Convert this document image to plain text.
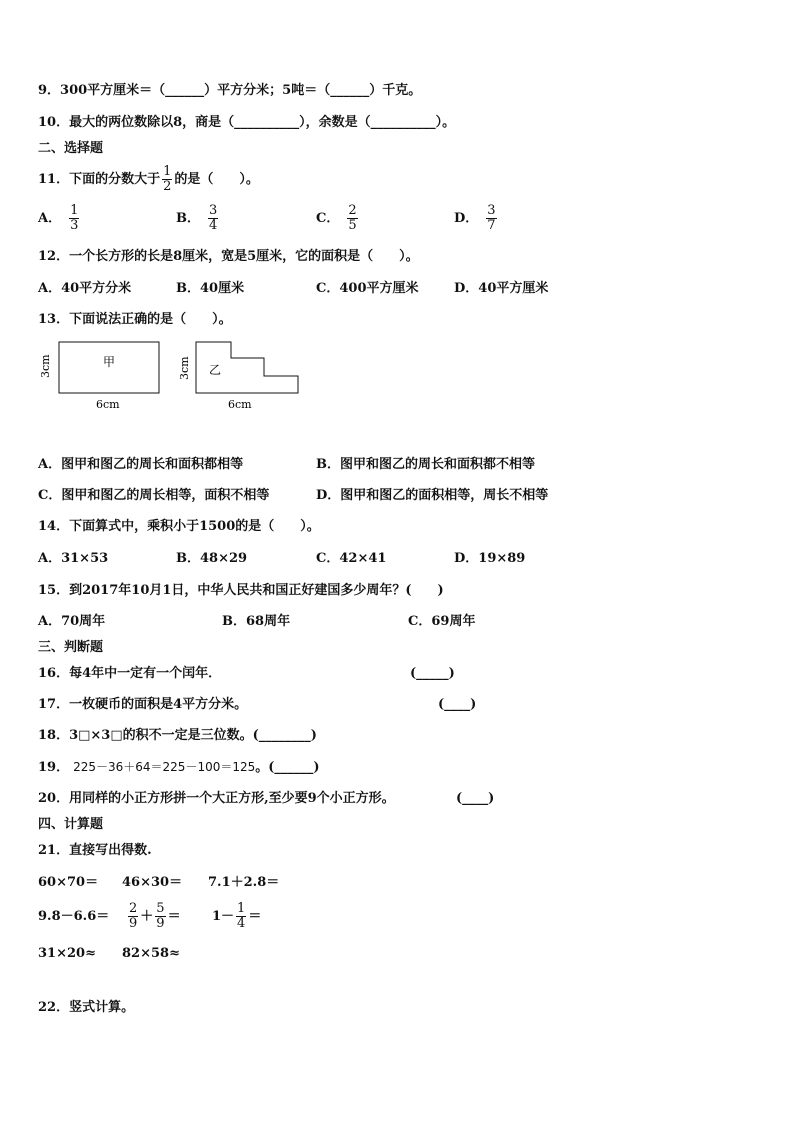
9．300平方厘米＝（______）平方分米；5吨＝（______）千克。
10．最大的两位数除以8，商是（__________），余数是（__________）。
二、选择题
11．下面的分数大于 $\frac{1}{2}$ 的是（　　）。
A． $\frac{1}{3}$	B． $\frac{3}{4}$	C． $\frac{2}{5}$	D． $\frac{3}{7}$
12．一个长方形的长是8厘米，宽是5厘米，它的面积是（　　）。
A．40平方分米	B．40厘米	C．400平方厘米	D．40平方厘米
13．下面说法正确的是（　　）。
甲
3cm
6cm
乙
3cm
6cm
A．图甲和图乙的周长和面积都相等	B．图甲和图乙的周长和面积都不相等
C．图甲和图乙的周长相等，面积不相等	D．图甲和图乙的面积相等，周长不相等
14．下面算式中，乘积小于1500的是（　　）。
A．31×53	B．48×29	C．42×41	D．19×89
15．到2017年10月1日，中华人民共和国正好建国多少周年？(　　)
A．70周年	B．68周年	C．69周年
三、判断题
16．每4年中一定有一个闰年．	(_____)
17．一枚硬币的面积是4平方分米。	(____)
18．3□×3□的积不一定是三位数。(________)
19． 225－36＋64＝225－100＝125。(______)
20．用同样的小正方形拼一个大正方形,至少要9个小正方形。	(____)
四、计算题
21．直接写出得数.
60×70＝ 46×30＝ 7.1＋2.8＝
$9.8-6.6= \frac{2}{9} + \frac{5}{9} = 1- \frac{1}{4}$ ＝
31×20≈ 82×58≈
22．竖式计算。
